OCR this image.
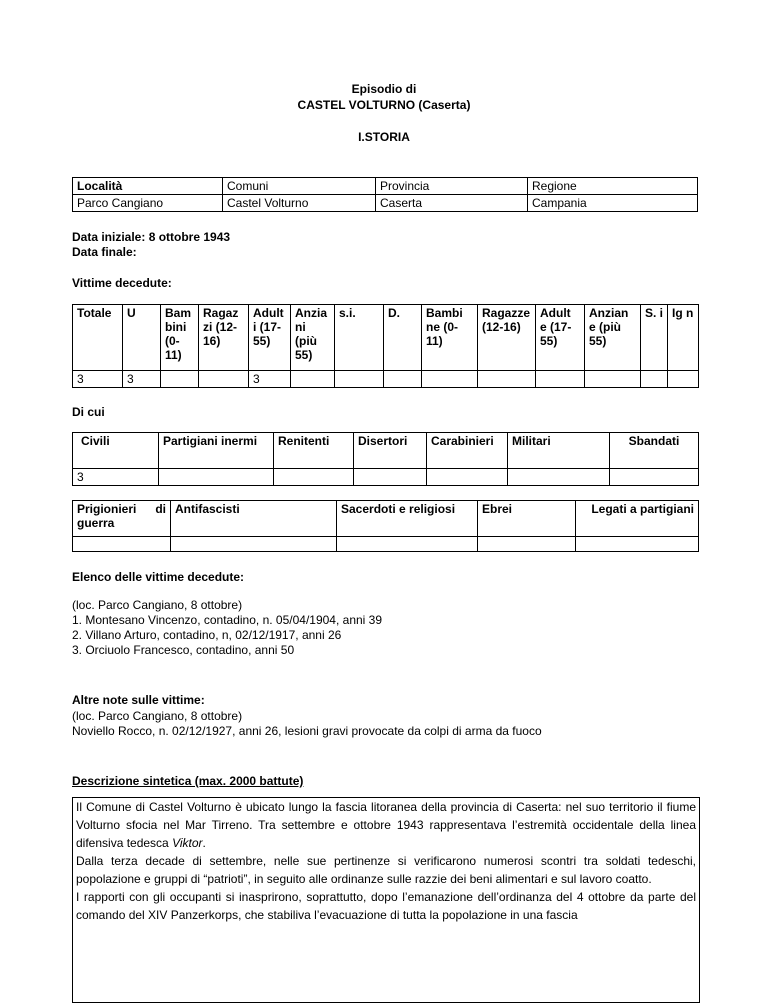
Episodio di
CASTEL VOLTURNO (Caserta)
I.STORIA
Località	Comuni	Provincia	Regione
Parco Cangiano	Castel Volturno	Caserta	Campania
Data iniziale: 8 ottobre 1943
Data finale:
Vittime decedute:
Totale	U	Bam bini (0- 11)	Ragaz zi (12- 16)	Adult i (17- 55)	Anzia ni (più 55)	s.i.	D.	Bambi ne (0- 11)	Ragazze (12-16)	Adult e (17- 55)	Anzian e (più 55)	S. i	Ig n
3	3			3									
Di cui
Civili	Partigiani inermi	Renitenti	Disertori	Carabinieri	Militari	Sbandati
3						
Prigionieri di guerra	Antifascisti	Sacerdoti e religiosi	Ebrei	Legati a partigiani

Elenco delle vittime decedute:
(loc. Parco Cangiano, 8 ottobre)
1. Montesano Vincenzo, contadino, n. 05/04/1904, anni 39
2. Villano Arturo, contadino, n, 02/12/1917, anni 26
3. Orciuolo Francesco, contadino, anni 50
Altre note sulle vittime:
(loc. Parco Cangiano, 8 ottobre)
Noviello Rocco, n. 02/12/1927, anni 26, lesioni gravi provocate da colpi di arma da fuoco
Descrizione sintetica (max. 2000 battute)

Il Comune di Castel Volturno è ubicato lungo la fascia litoranea della provincia di Caserta: nel suo territorio il fiume Volturno sfocia nel Mar Tirreno. Tra settembre e ottobre 1943 rappresentava l’estremità occidentale della linea difensiva tedesca Viktor.

Dalla terza decade di settembre, nelle sue pertinenze si verificarono numerosi scontri tra soldati tedeschi, popolazione e gruppi di “patrioti”, in seguito alle ordinanze sulle razzie dei beni alimentari e sul lavoro coatto.

I rapporti con gli occupanti si inasprirono, soprattutto, dopo l’emanazione dell’ordinanza del 4 ottobre da parte del comando del XIV Panzerkorps, che stabiliva l’evacuazione di tutta la popolazione in una fascia
